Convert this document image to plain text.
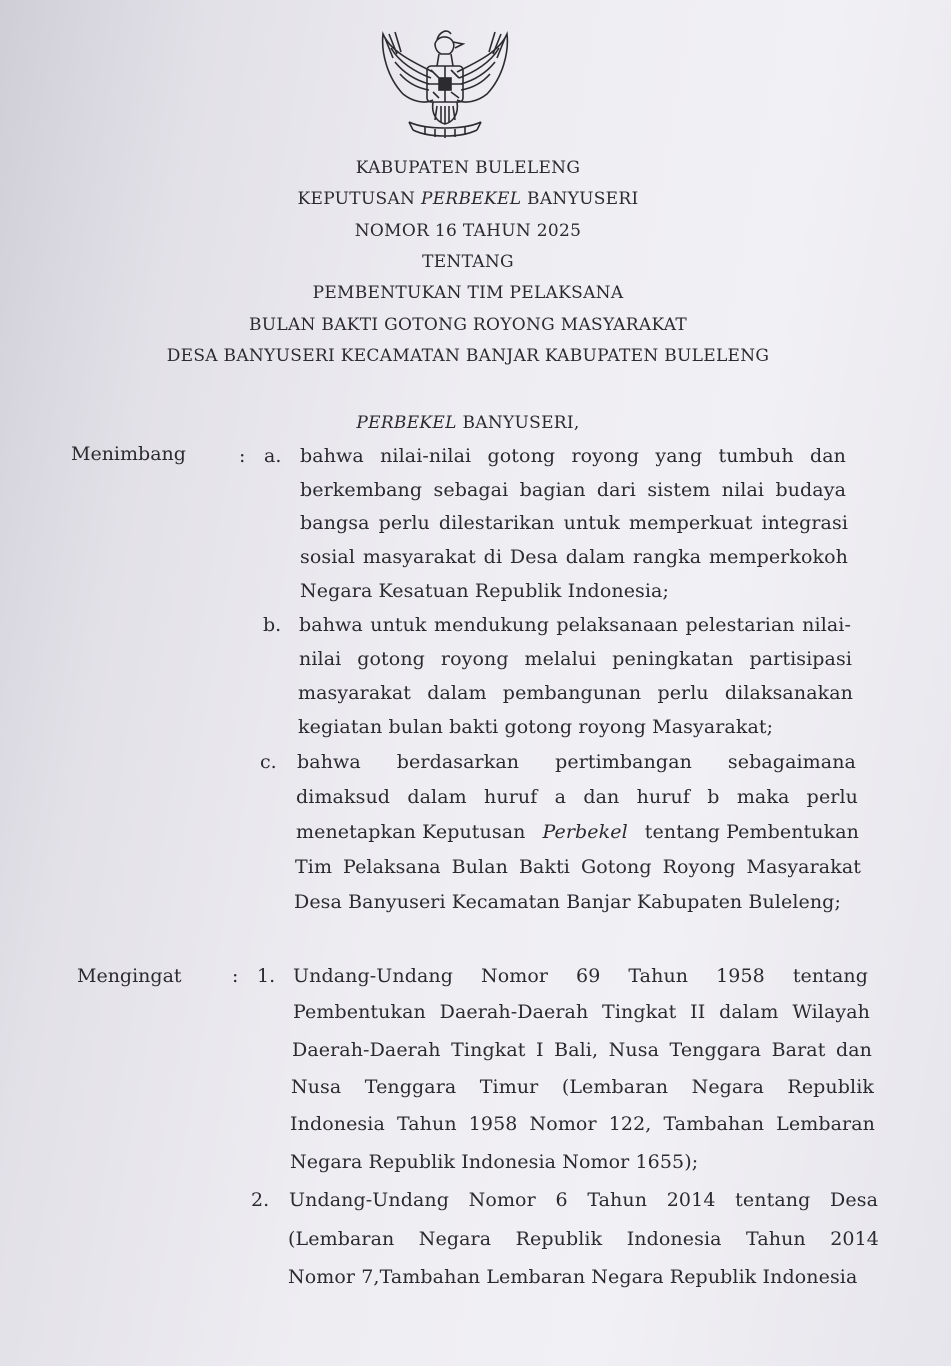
KABUPATEN BULELENG
KEPUTUSAN PERBEKEL BANYUSERI
NOMOR 16 TAHUN 2025
TENTANG
PEMBENTUKAN TIM PELAKSANA
BULAN BAKTI GOTONG ROYONG MASYARAKAT
DESA BANYUSERI KECAMATAN BANJAR KABUPATEN BULELENG
PERBEKEL BANYUSERI,
Menimbang	: a. bahwa nilai-nilai gotong royong yang tumbuh dan
berkembang sebagai bagian dari sistem nilai budaya
bangsa perlu dilestarikan untuk memperkuat integrasi
sosial masyarakat di Desa dalam rangka memperkokoh
Negara Kesatuan Republik Indonesia;
b. bahwa untuk mendukung pelaksanaan pelestarian nilai-
nilai gotong royong melalui peningkatan partisipasi
masyarakat dalam pembangunan perlu dilaksanakan
kegiatan bulan bakti gotong royong Masyarakat;
c. bahwa berdasarkan pertimbangan sebagaimana
dimaksud dalam huruf a dan huruf b maka perlu
menetapkan Keputusan Perbekel tentang Pembentukan
Tim Pelaksana Bulan Bakti Gotong Royong Masyarakat
Desa Banyuseri Kecamatan Banjar Kabupaten Buleleng;
Mengingat	: 1. Undang-Undang Nomor 69 Tahun 1958 tentang
Pembentukan Daerah-Daerah Tingkat II dalam Wilayah
Daerah-Daerah Tingkat I Bali, Nusa Tenggara Barat dan
Nusa Tenggara Timur (Lembaran Negara Republik
Indonesia Tahun 1958 Nomor 122, Tambahan Lembaran
Negara Republik Indonesia Nomor 1655);
2. Undang-Undang Nomor 6 Tahun 2014 tentang Desa
(Lembaran Negara Republik Indonesia Tahun 2014
Nomor 7,Tambahan Lembaran Negara Republik Indonesia
